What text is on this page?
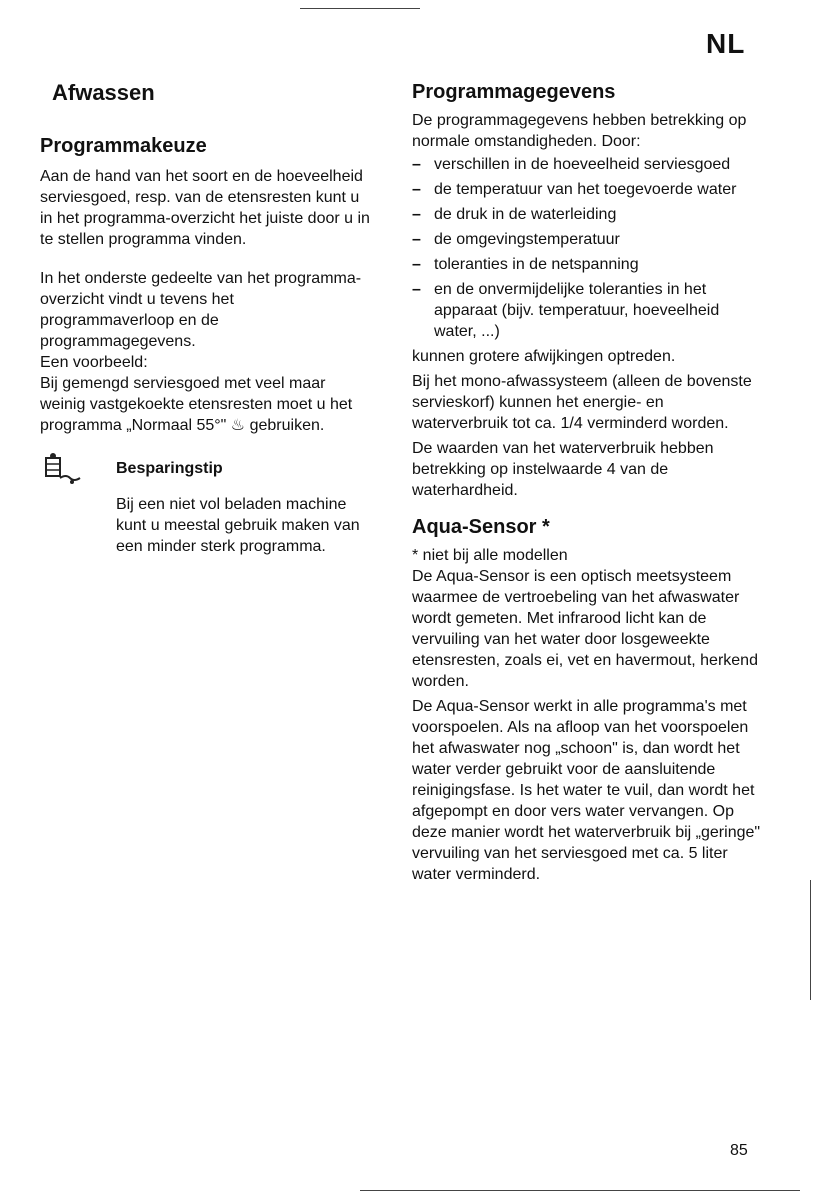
NL
Afwassen
Programmakeuze

Aan de hand van het soort en de hoeveelheid serviesgoed, resp. van de etensresten kunt u in het programma-overzicht het juiste door u in te stellen programma vinden.

In het onderste gedeelte van het programma-overzicht vindt u tevens het programmaverloop en de programmagegevens.

Een voorbeeld:

Bij gemengd serviesgoed met veel maar weinig vastgekoekte etensresten moet u het programma „Normaal 55°" ♨ gebruiken.

Besparingstip

Bij een niet vol beladen machine kunt u meestal gebruik maken van een minder sterk programma.

Programmagegevens

De programmagegevens hebben betrekking op normale omstandigheden. Door:

– verschillen in de hoeveelheid serviesgoed
– de temperatuur van het toegevoerde water
– de druk in de waterleiding
– de omgevingstemperatuur
– toleranties in de netspanning
– en de onvermijdelijke toleranties in het apparaat (bijv. temperatuur, hoeveelheid water, ...)

kunnen grotere afwijkingen optreden.

Bij het mono-afwassysteem (alleen de bovenste servieskorf) kunnen het energie- en waterverbruik tot ca. 1/4 verminderd worden.

De waarden van het waterverbruik hebben betrekking op instelwaarde 4 van de waterhardheid.

Aqua-Sensor *

* niet bij alle modellen

De Aqua-Sensor is een optisch meetsysteem waarmee de vertroebeling van het afwaswater wordt gemeten. Met infrarood licht kan de vervuiling van het water door losgeweekte etensresten, zoals ei, vet en havermout, herkend worden.

De Aqua-Sensor werkt in alle programma's met voorspoelen. Als na afloop van het voorspoelen het afwaswater nog „schoon" is, dan wordt het water verder gebruikt voor de aansluitende reinigingsfase. Is het water te vuil, dan wordt het afgepompt en door vers water vervangen. Op deze manier wordt het waterverbruik bij „geringe" vervuiling van het serviesgoed met ca. 5 liter water verminderd.

85
